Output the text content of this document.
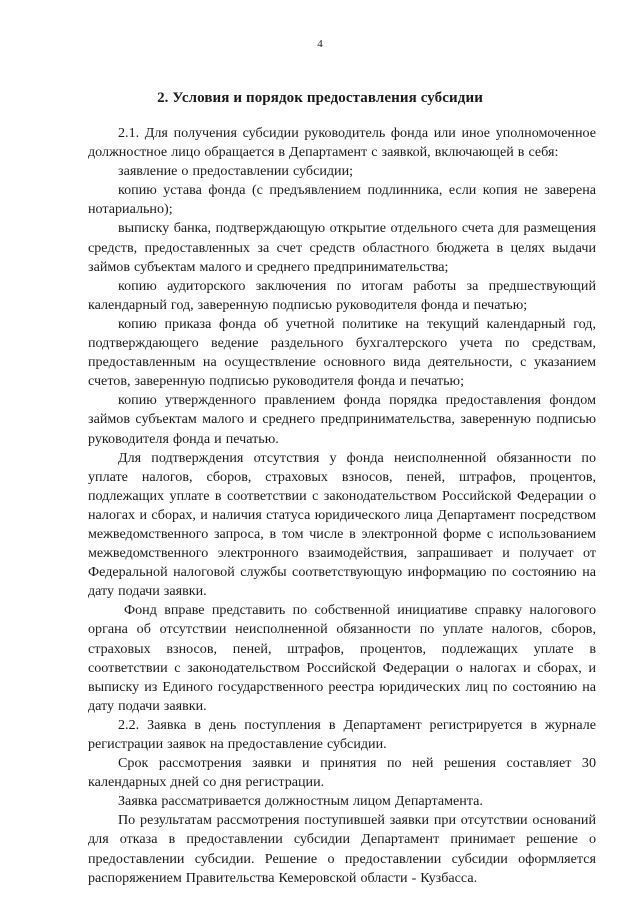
4
2. Условия и порядок предоставления субсидии

2.1. Для получения субсидии руководитель фонда или иное уполномоченное должностное лицо обращается в Департамент с заявкой, включающей в себя:

заявление о предоставлении субсидии;

копию устава фонда (с предъявлением подлинника, если копия не заверена нотариально);

выписку банка, подтверждающую открытие отдельного счета для размещения средств, предоставленных за счет средств областного бюджета в целях выдачи займов субъектам малого и среднего предпринимательства;

копию аудиторского заключения по итогам работы за предшествующий календарный год, заверенную подписью руководителя фонда и печатью;

копию приказа фонда об учетной политике на текущий календарный год, подтверждающего ведение раздельного бухгалтерского учета по средствам, предоставленным на осуществление основного вида деятельности, с указанием счетов, заверенную подписью руководителя фонда и печатью;

копию утвержденного правлением фонда порядка предоставления фондом займов субъектам малого и среднего предпринимательства, заверенную подписью руководителя фонда и печатью.

Для подтверждения отсутствия у фонда неисполненной обязанности по уплате налогов, сборов, страховых взносов, пеней, штрафов, процентов, подлежащих уплате в соответствии с законодательством Российской Федерации о налогах и сборах, и наличия статуса юридического лица Департамент посредством межведомственного запроса, в том числе в электронной форме с использованием межведомственного электронного взаимодействия, запрашивает и получает от Федеральной налоговой службы соответствующую информацию по состоянию на дату подачи заявки.

Фонд вправе представить по собственной инициативе справку налогового органа об отсутствии неисполненной обязанности по уплате налогов, сборов, страховых взносов, пеней, штрафов, процентов, подлежащих уплате в соответствии с законодательством Российской Федерации о налогах и сборах, и выписку из Единого государственного реестра юридических лиц по состоянию на дату подачи заявки.

2.2. Заявка в день поступления в Департамент регистрируется в журнале регистрации заявок на предоставление субсидии.

Срок рассмотрения заявки и принятия по ней решения составляет 30 календарных дней со дня регистрации.

Заявка рассматривается должностным лицом Департамента.

По результатам рассмотрения поступившей заявки при отсутствии оснований для отказа в предоставлении субсидии Департамент принимает решение о предоставлении субсидии. Решение о предоставлении субсидии оформляется распоряжением Правительства Кемеровской области - Кузбасса.
